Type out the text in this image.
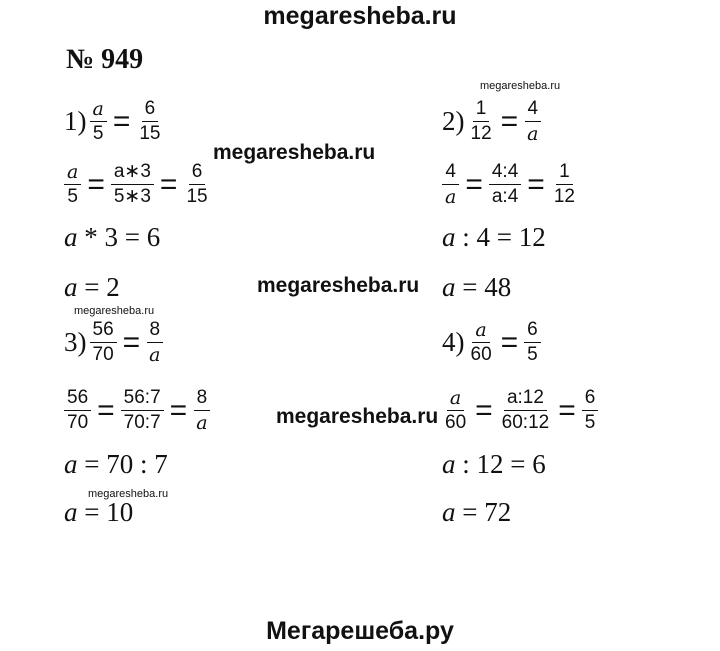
megaresheba.ru
№ 949
Мегарешеба.ру
megaresheba.ru
megaresheba.ru
megaresheba.ru
megaresheba.ru
megaresheba.ru
megaresheba.ru
$1) \frac{a}{5} = \frac{6}{15}$
$\frac{a}{5} = \frac{a∗3}{5∗3} = \frac{6}{15}$
a * 3 = 6
a = 2
$2) \frac{1}{12} = \frac{4}{a}$
$\frac{4}{a} = \frac{4:4}{a:4} = \frac{1}{12}$
a : 4 = 12
a = 48
$3) \frac{56}{70} = \frac{8}{a}$
$\frac{56}{70} = \frac{56:7}{70:7} = \frac{8}{a}$
a = 70 : 7
a = 10
$4) \frac{a}{60} = \frac{6}{5}$
$\frac{a}{60} = \frac{a:12}{60:12} = \frac{6}{5}$
a : 12 = 6
a = 72
